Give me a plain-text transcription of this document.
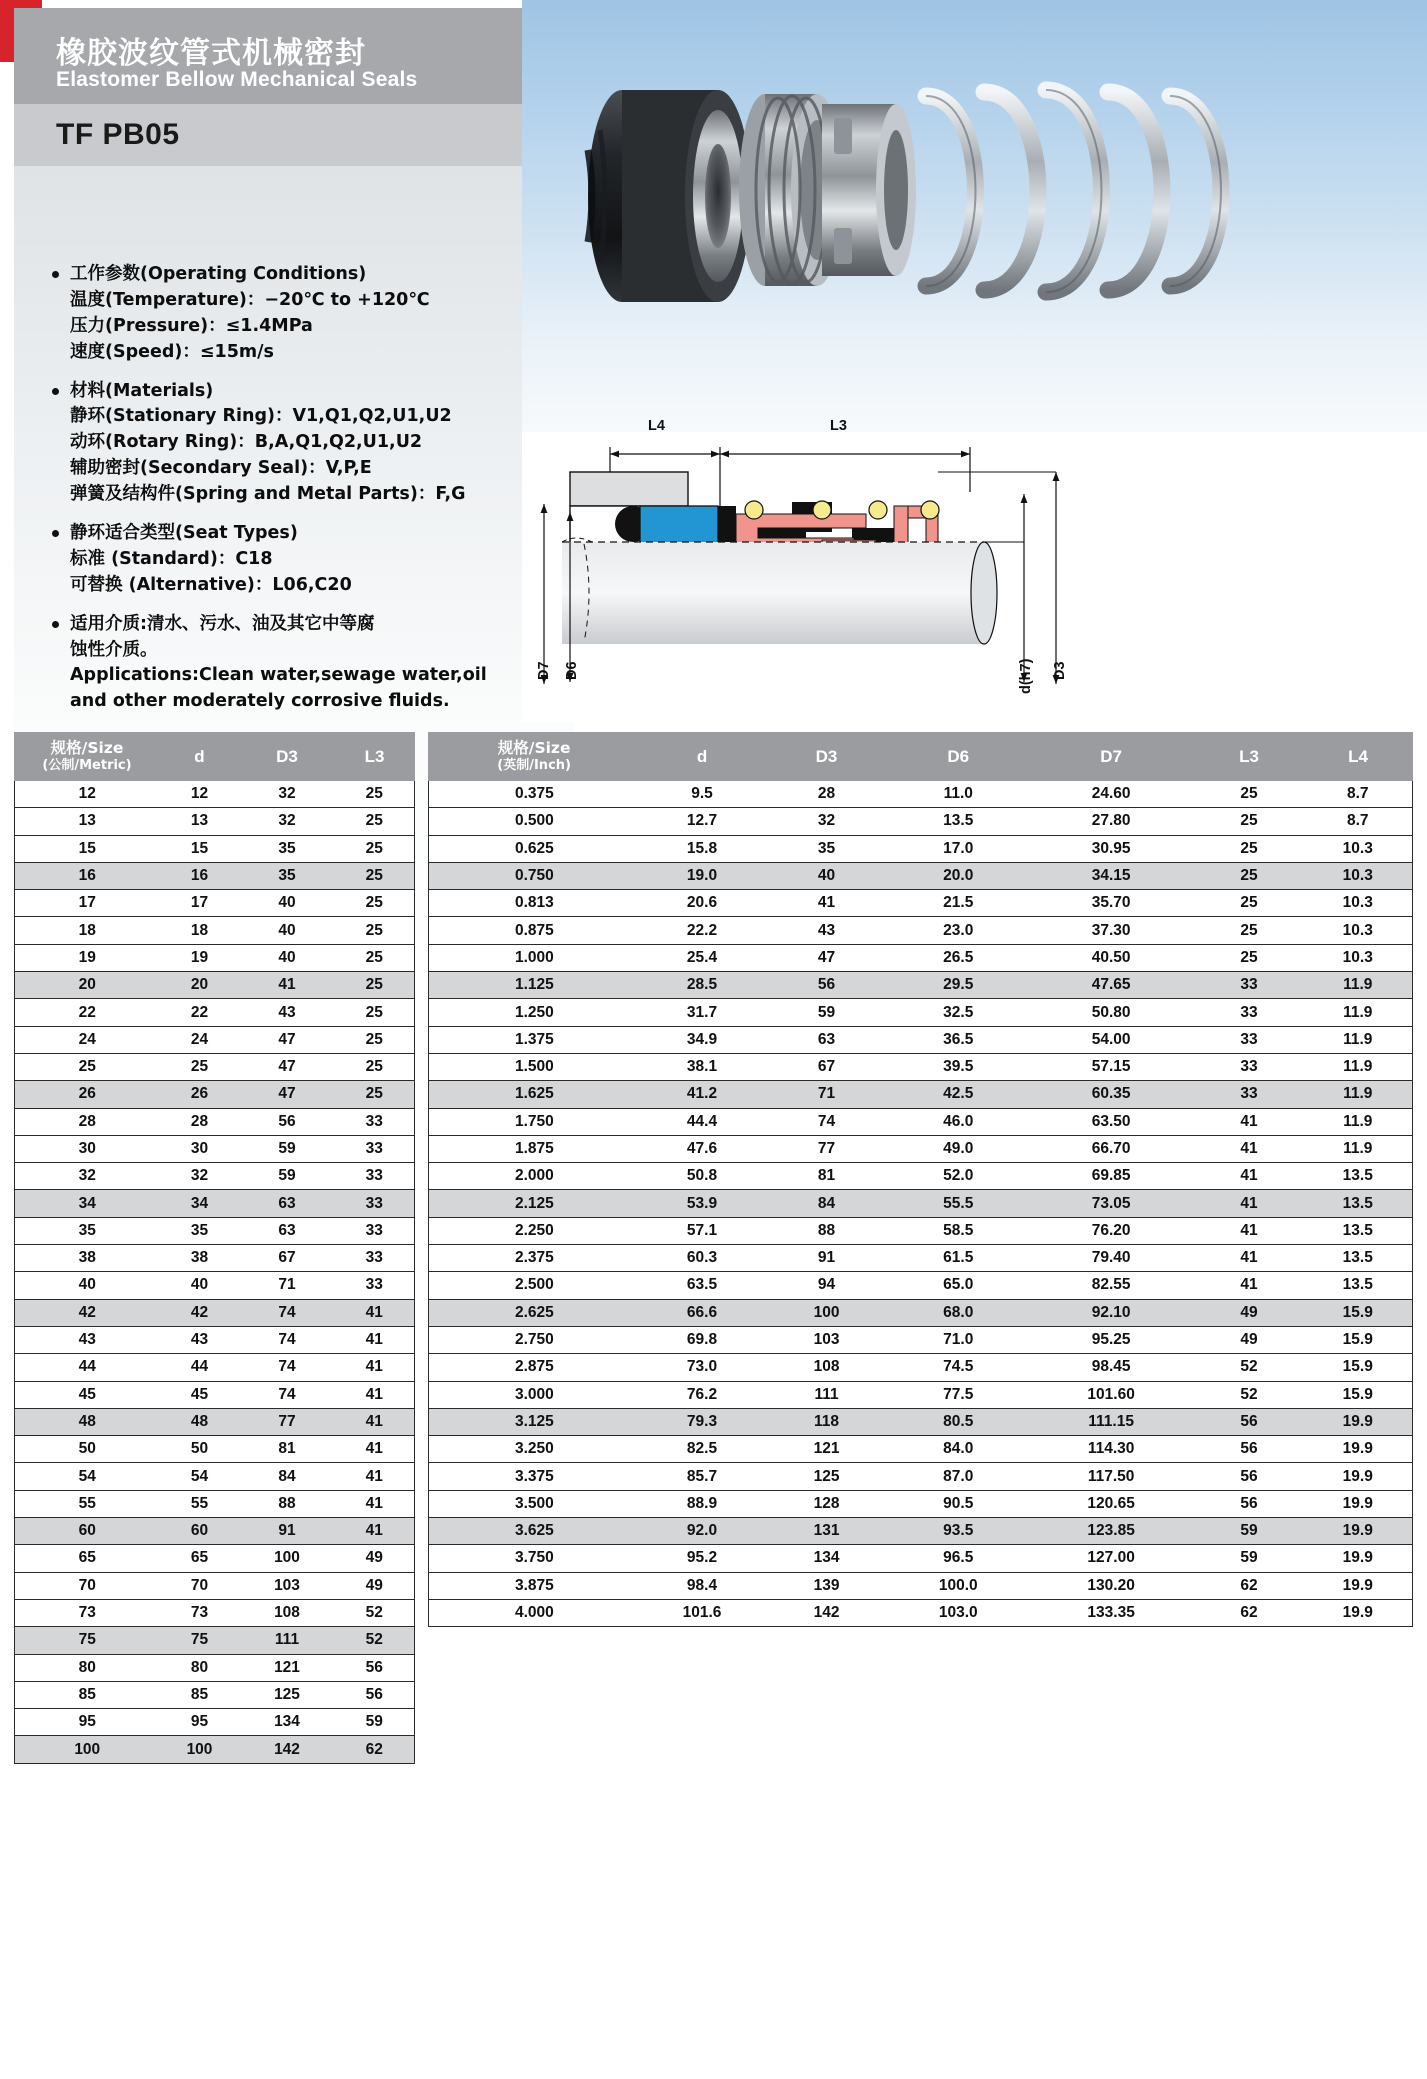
橡胶波纹管式机械密封
Elastomer Bellow Mechanical Seals
TF PB05
工作参数(Operating Conditions)
温度(Temperature)：−20℃ to +120℃
压力(Pressure)：≤1.4MPa
速度(Speed)：≤15m/s
材料(Materials)
静环(Stationary Ring)：V1,Q1,Q2,U1,U2
动环(Rotary Ring)：B,A,Q1,Q2,U1,U2
辅助密封(Secondary Seal)：V,P,E
弹簧及结构件(Spring and Metal Parts)：F,G
静环适合类型(Seat Types)
标准 (Standard)：C18
可替换 (Alternative)：L06,C20
适用介质:清水、污水、油及其它中等腐
蚀性介质。
Applications:Clean water,sewage water,oil
and other moderately corrosive fluids.
L4	L3
D7 D6	d(h7) D3
规格/Size
(公制/Metric)	d	D3	L3
12	12	32	25
13	13	32	25
15	15	35	25
16	16	35	25
17	17	40	25
18	18	40	25
19	19	40	25
20	20	41	25
22	22	43	25
24	24	47	25
25	25	47	25
26	26	47	25
28	28	56	33
30	30	59	33
32	32	59	33
34	34	63	33
35	35	63	33
38	38	67	33
40	40	71	33
42	42	74	41
43	43	74	41
44	44	74	41
45	45	74	41
48	48	77	41
50	50	81	41
54	54	84	41
55	55	88	41
60	60	91	41
65	65	100	49
70	70	103	49
73	73	108	52
75	75	111	52
80	80	121	56
85	85	125	56
95	95	134	59
100	100	142	62
规格/Size
(英制/Inch)	d	D3	D6	D7	L3	L4
0.375	9.5	28	11.0	24.60	25	8.7
0.500	12.7	32	13.5	27.80	25	8.7
0.625	15.8	35	17.0	30.95	25	10.3
0.750	19.0	40	20.0	34.15	25	10.3
0.813	20.6	41	21.5	35.70	25	10.3
0.875	22.2	43	23.0	37.30	25	10.3
1.000	25.4	47	26.5	40.50	25	10.3
1.125	28.5	56	29.5	47.65	33	11.9
1.250	31.7	59	32.5	50.80	33	11.9
1.375	34.9	63	36.5	54.00	33	11.9
1.500	38.1	67	39.5	57.15	33	11.9
1.625	41.2	71	42.5	60.35	33	11.9
1.750	44.4	74	46.0	63.50	41	11.9
1.875	47.6	77	49.0	66.70	41	11.9
2.000	50.8	81	52.0	69.85	41	13.5
2.125	53.9	84	55.5	73.05	41	13.5
2.250	57.1	88	58.5	76.20	41	13.5
2.375	60.3	91	61.5	79.40	41	13.5
2.500	63.5	94	65.0	82.55	41	13.5
2.625	66.6	100	68.0	92.10	49	15.9
2.750	69.8	103	71.0	95.25	49	15.9
2.875	73.0	108	74.5	98.45	52	15.9
3.000	76.2	111	77.5	101.60	52	15.9
3.125	79.3	118	80.5	111.15	56	19.9
3.250	82.5	121	84.0	114.30	56	19.9
3.375	85.7	125	87.0	117.50	56	19.9
3.500	88.9	128	90.5	120.65	56	19.9
3.625	92.0	131	93.5	123.85	59	19.9
3.750	95.2	134	96.5	127.00	59	19.9
3.875	98.4	139	100.0	130.20	62	19.9
4.000	101.6	142	103.0	133.35	62	19.9
